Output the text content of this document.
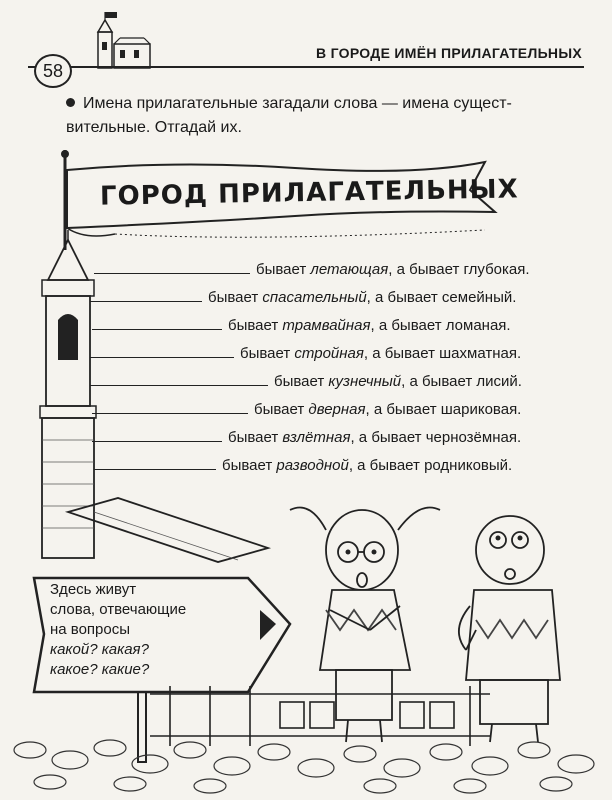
58
В ГОРОДЕ ИМЁН ПРИЛАГАТЕЛЬНЫХ
Имена прилагательные загадали слова — имена сущест-
вительные. Отгадай их.
ГОРОД ПРИЛАГАТЕЛЬНЫХ
бывает летающая, а бывает глубокая.
бывает спасательный, а бывает семейный.
бывает трамвайная, а бывает ломаная.
бывает стройная, а бывает шахматная.
бывает кузнечный, а бывает лисий.
бывает дверная, а бывает шариковая.
бывает взлётная, а бывает чернозёмная.
бывает разводной, а бывает родниковый.
Здесь живут
слова, отвечающие
на вопросы
какой? какая?
какое? какие?
